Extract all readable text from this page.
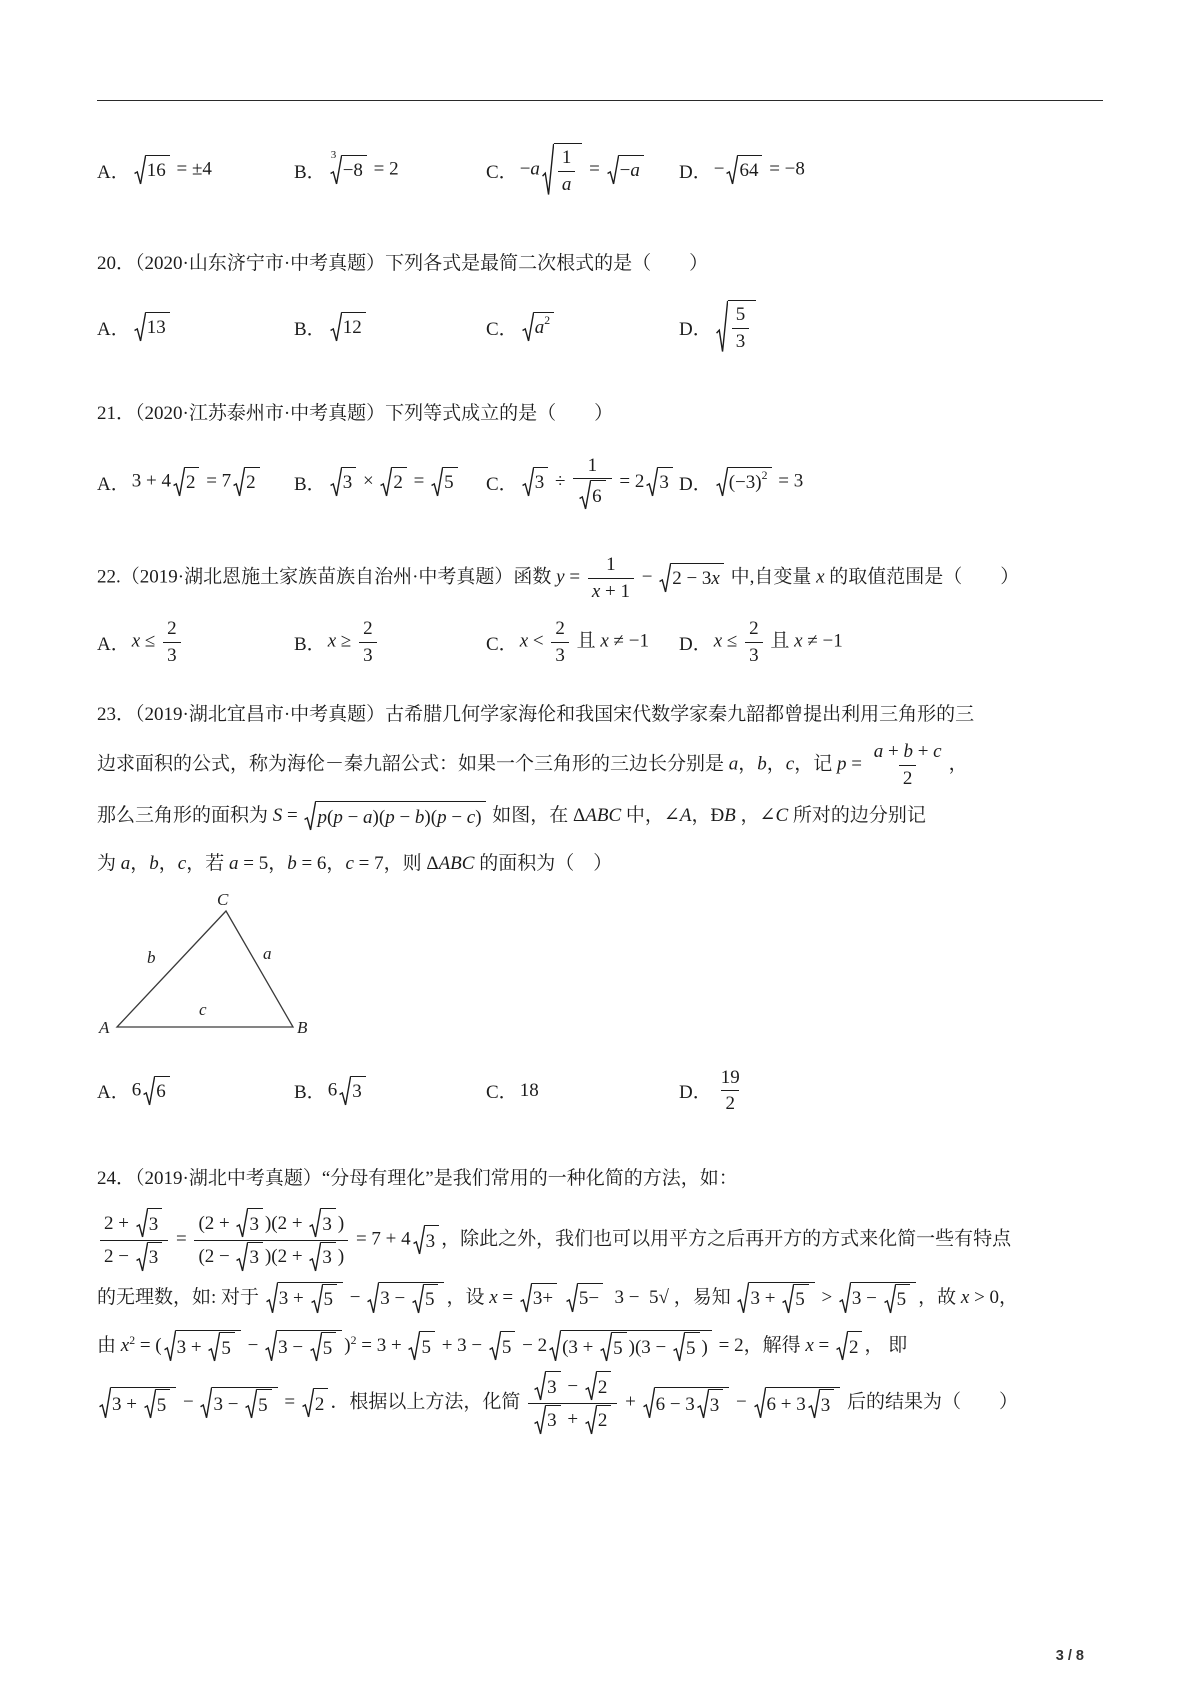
A． 16 = ±4	B．
3
−8 = 2	C． −a
1
a
= − a D． − 64 = −8
20．（2020·山东济宁市·中考真题）下列各式是最简二次根式的是（　　）
A． 13	B． 12	C． a 2	D．
5
3
21．（2020·江苏泰州市·中考真题）下列等式成立的是（　　）
A． 3 + 4 2 = 7 2 B． 3 × 2 = 5 C． $3 \div \frac{1}{6} = 2$ 3 D． (−3) 2 = 3
22.（2019·湖北恩施土家族苗族自治州·中考真题）函数 $y = \frac{1}{x + 1} - 2 - 3$ x 中,自变量 x 的取值范围是（　　）
A． $x \le \frac{2}{3}$	B． $x \ge \frac{2}{3}$	C． $x < \frac{2}{3}$ 且 x ≠ −1 D． $x \le \frac{2}{3}$ 且 x ≠ −1
23．（2019·湖北宜昌市·中考真题）古希腊几何学家海伦和我国宋代数学家秦九韶都曾提出利用三角形的三
边求面积的公式，称为海伦－秦九韶公式：如果一个三角形的三边长分别是 a，b，c，记 $p = \frac{a + b + c}{2}$ ，
那么三角形的面积为 S = p ( p − a )( p − b )( p − c ) 如图，在 ΔABC 中，∠A，ÐB ，∠C 所对的边分别记
为 a，b，c，若 a = 5，b = 6，c = 7，则 ΔABC 的面积为（　）
C
b	a
A	B
c
A． 6 6	B． 6 3	C． 18	D． $\frac{19}{2}$
24．（2019·湖北中考真题）“分母有理化”是我们常用的一种化简的方法，如：
$\frac{2 + 3}{2 - 3} = \frac{(2 + 3 )(2 + 3 )}{(2 - 3 )(2 + 3 )} = 7 + 4$ 3 ，除此之外，我们也可以用平方之后再开方的方式来化简一些有特点
的无理数，如: 对于 3 + 5 − 3 − 5 ，设 x = 3+
5− 3 −  5√ ，易知 3 + 5 > 3 − 5 ，故 x > 0，
由 $x^2$ = ( 3 + 5 − 3 − 5 )$^2$ = 3 + 5 + 3 − 5 − 2 (3 + 5 )(3 − 5 ) = 2，解得 x = 2 ， 即

3 + 5 − 3 − 5 = 2 ．根据以上方法，化简 $\frac{3 - 2}{3 + 2} + 6 - 3$ 3 − 6 + 3 3 后的结果为（　　）
3 / 8
